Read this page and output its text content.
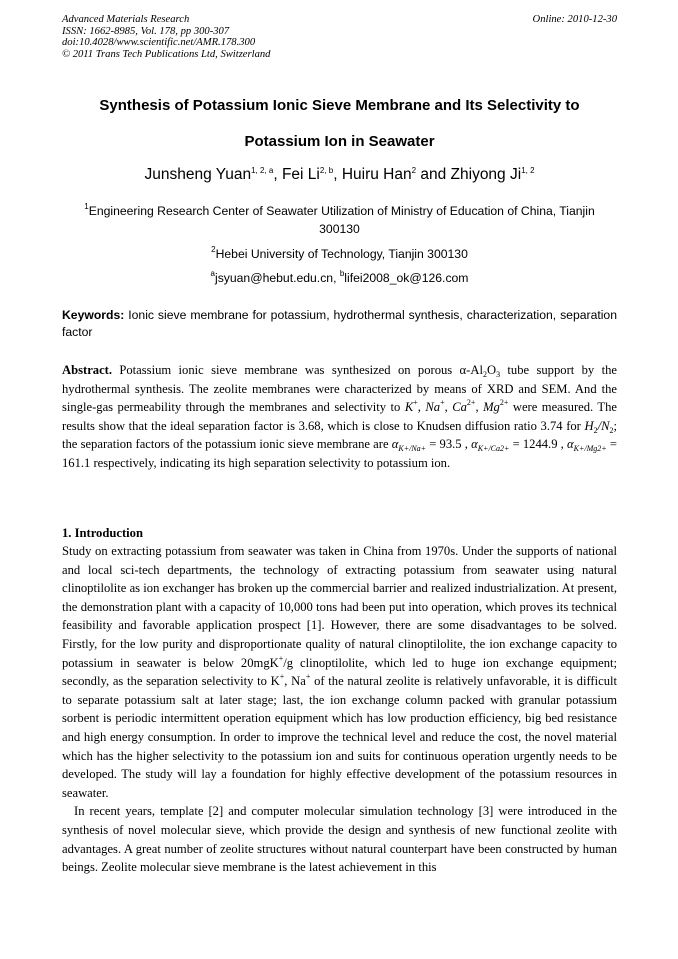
Advanced Materials Research
ISSN: 1662-8985, Vol. 178, pp 300-307
doi:10.4028/www.scientific.net/AMR.178.300
© 2011 Trans Tech Publications Ltd, Switzerland
Online: 2010-12-30
Synthesis of Potassium Ionic Sieve Membrane and Its Selectivity to
Potassium Ion in Seawater
Junsheng Yuan$^{1, 2, a}$, Fei Li$^{2, b}$, Huiru Han$^2$ and Zhiyong Ji$^{1, 2}$
$^1$Engineering Research Center of Seawater Utilization of Ministry of Education of China, Tianjin
300130
$^2$Hebei University of Technology, Tianjin 300130
$^a$jsyuan@hebut.edu.cn, $^b$lifei2008_ok@126.com
Keywords: Ionic sieve membrane for potassium, hydrothermal synthesis, characterization, separation factor

Abstract. Potassium ionic sieve membrane was synthesized on porous $\alpha-Al_2O_3$ tube support by the hydrothermal synthesis. The zeolite membranes were characterized by means of XRD and SEM. And the single-gas permeability through the membranes and selectivity to K+, Na+, $Ca^{2+}$, $Mg^{2+}$ were measured. The results show that the ideal separation factor is 3.68, which is close to Knudsen diffusion ratio 3.74 for $H_2/N_2$; the separation factors of the potassium ionic sieve membrane are $\alpha_{K+/Na+} = 93.5$ , $\alpha_{K+/Ca2+} = 1244.9$ , $\alpha_{K+/Mg2+} = 161.1$ respectively, indicating its high separation selectivity to potassium ion.

1. Introduction

Study on extracting potassium from seawater was taken in China from 1970s. Under the supports of national and local sci-tech departments, the technology of extracting potassium from seawater using natural clinoptilolite as ion exchanger has broken up the commercial barrier and realized industrialization. At present, the demonstration plant with a capacity of 10,000 tons had been put into operation, which proves its technical feasibility and favorable application prospect [1]. However, there are some disadvantages to be solved. Firstly, for the low purity and disproportionate quality of natural clinoptilolite, the ion exchange capacity to potassium in seawater is below 20mgK+/g clinoptilolite, which led to huge ion exchange equipment; secondly, as the separation selectivity to K+, Na+ of the natural zeolite is relatively unfavorable, it is difficult to separate potassium salt at later stage; last, the ion exchange column packed with granular potassium sorbent is periodic intermittent operation equipment which has low production efficiency, big bed resistance and high energy consumption. In order to improve the technical level and reduce the cost, the novel material which has the higher selectivity to the potassium ion and suits for continuous operation urgently needs to be developed. The study will lay a foundation for highly effective development of the potassium resources in seawater.

In recent years, template [2] and computer molecular simulation technology [3] were introduced in the synthesis of novel molecular sieve, which provide the design and synthesis of new functional zeolite with advantages. A great number of zeolite structures without natural counterpart have been constructed by human beings. Zeolite molecular sieve membrane is the latest achievement in this
